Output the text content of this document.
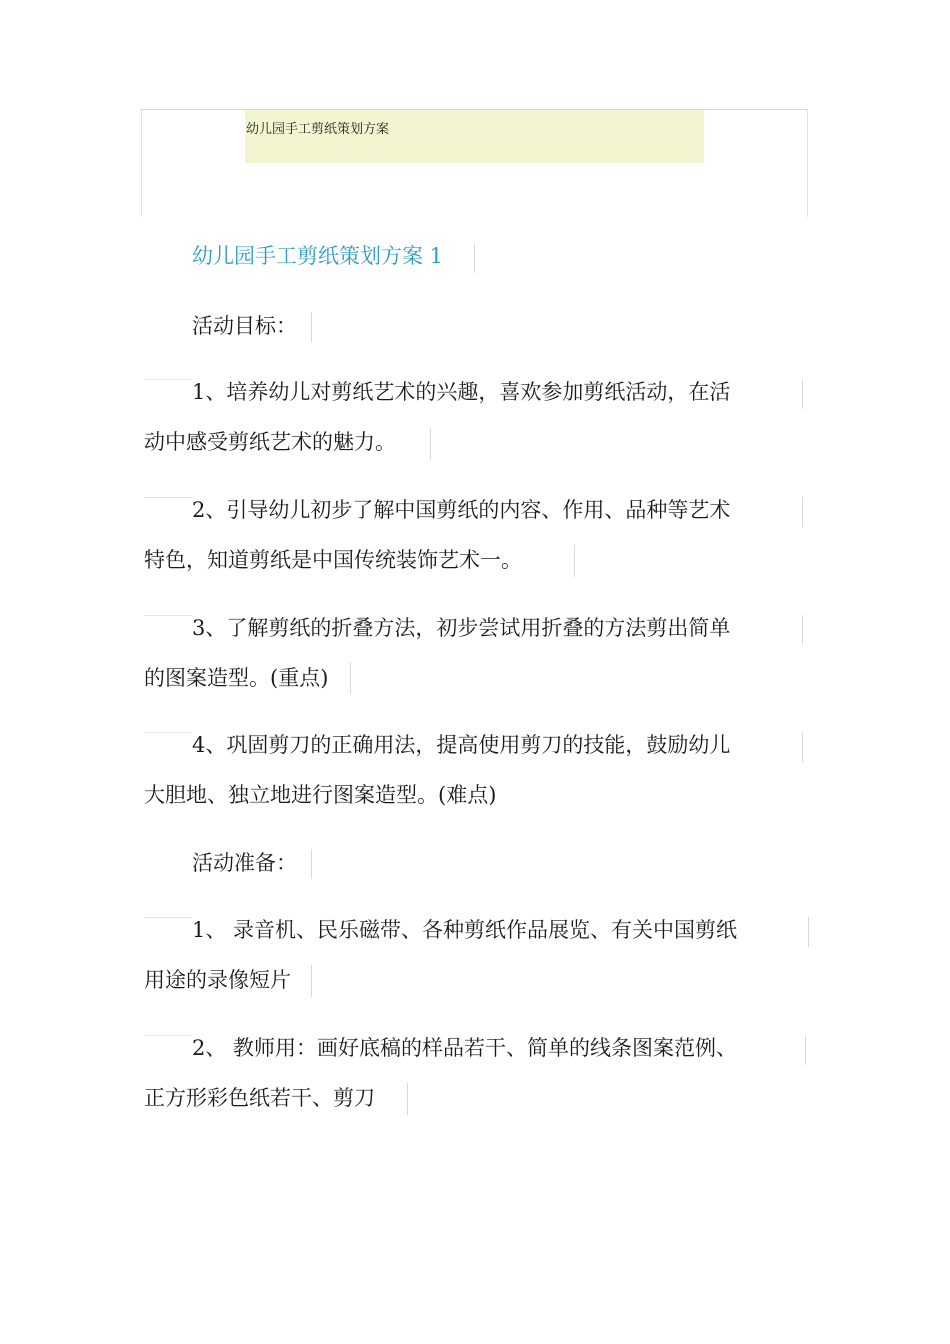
幼儿园手工剪纸策划方案
幼儿园手工剪纸策划方案 1
活动目标：
1、培养幼儿对剪纸艺术的兴趣，喜欢参加剪纸活动，在活
动中感受剪纸艺术的魅力。
2、引导幼儿初步了解中国剪纸的内容、作用、品种等艺术
特色，知道剪纸是中国传统装饰艺术一。
3、了解剪纸的折叠方法，初步尝试用折叠的方法剪出简单
的图案造型。(重点)
4、巩固剪刀的正确用法，提高使用剪刀的技能，鼓励幼儿
大胆地、独立地进行图案造型。(难点)
活动准备：
1、 录音机、民乐磁带、各种剪纸作品展览、有关中国剪纸
用途的录像短片
2、 教师用：画好底稿的样品若干、简单的线条图案范例、
正方形彩色纸若干、剪刀
